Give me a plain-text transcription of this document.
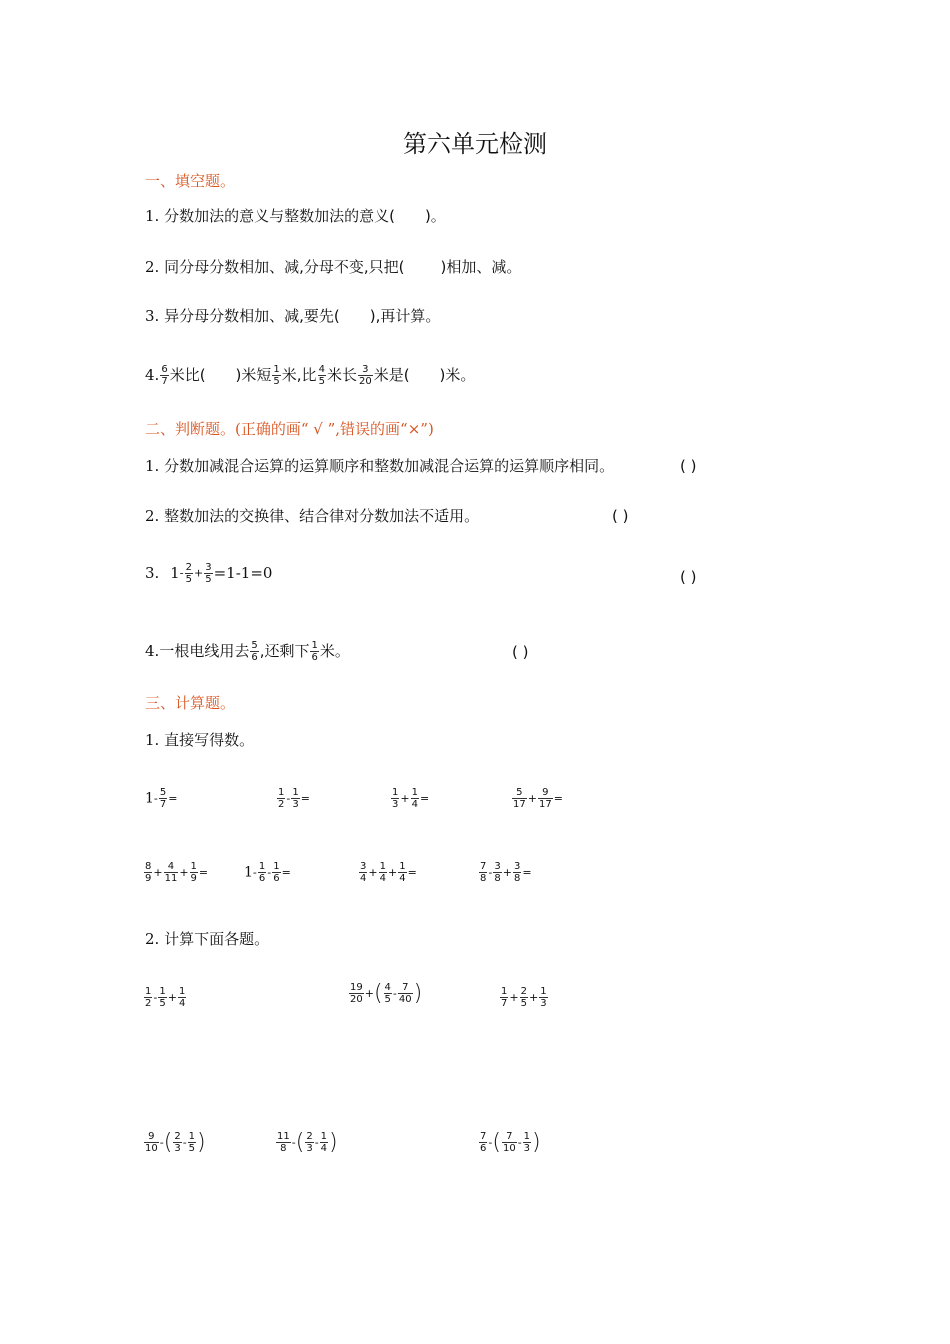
第六单元检测
一、填空题。
1. 分数加法的意义与整数加法的意义( )。
2. 同分母分数相加、减,分母不变,只把( )相加、减。
3. 异分母分数相加、减,要先( ),再计算。
4. $\frac{6}{7}$ 米比( )米短 $\frac{1}{5}$ 米,比 $\frac{4}{5}$ 米长 $\frac{3}{20}$ 米是( )米。
二、判断题。(正确的画“ √ ”,错误的画“×”)
1. 分数加减混合运算的运算顺序和整数加减混合运算的运算顺序相同。	( )
2. 整数加法的交换律、结合律对分数加法不适用。	( )
3. $1- \frac{2}{5} + \frac{3}{5} =1-1=0$	( )
4.一根电线用去 $\frac{5}{6}$ ,还剩下 $\frac{1}{6}$ 米。	( )
三、计算题。
1. 直接写得数。
$1- \frac{5}{7}$ =	$\frac{1}{2} - \frac{1}{3}$ =	$\frac{1}{3} + \frac{1}{4}$ =	$\frac{5}{17} + \frac{9}{17}$ =
$\frac{8}{9} + \frac{4}{11} + \frac{1}{9}$ =	$1- \frac{1}{6} - \frac{1}{6}$ =	$\frac{3}{4} + \frac{1}{4} + \frac{1}{4}$ =	$\frac{7}{8} - \frac{3}{8} + \frac{3}{8}$ =
2. 计算下面各题。
$\frac{1}{2} - \frac{1}{5} + \frac{1}{4}$	$\frac{19}{20}$ +( $\frac{4}{5} - \frac{7}{40}$ )	$\frac{1}{7} + \frac{2}{5} + \frac{1}{3}$
$\frac{9}{10}$ -( $\frac{2}{3} - \frac{1}{5}$ )	$\frac{11}{8}$ -( $\frac{2}{3} - \frac{1}{4}$ )	$\frac{7}{6}$ -( $\frac{7}{10} - \frac{1}{3}$ )
